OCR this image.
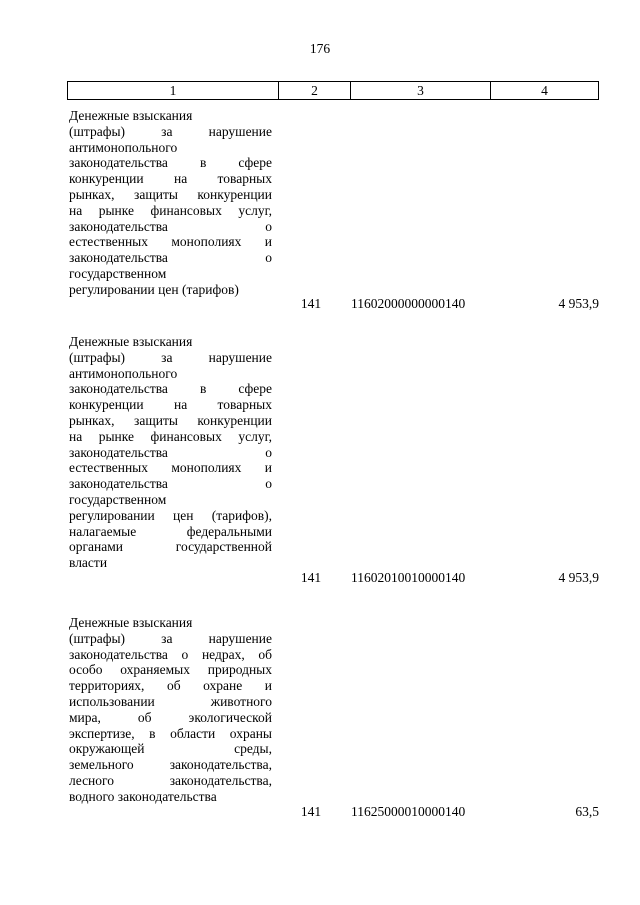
176
1	2	3	4
Денежные взыскания
(штрафы) за нарушение
антимонопольного
законодательства в сфере
конкуренции на товарных
рынках, защиты конкуренции
на рынке финансовых услуг,
законодательства о
естественных монополиях и
законодательства о
государственном
регулировании цен (тарифов)
141 11602000000000140	4 953,9
Денежные взыскания
(штрафы) за нарушение
антимонопольного
законодательства в сфере
конкуренции на товарных
рынках, защиты конкуренции
на рынке финансовых услуг,
законодательства о
естественных монополиях и
законодательства о
государственном
регулировании цен (тарифов),
налагаемые федеральными
органами государственной
власти
141 11602010010000140	4 953,9
Денежные взыскания
(штрафы) за нарушение
законодательства о недрах, об
особо охраняемых природных
территориях, об охране и
использовании животного
мира, об экологической
экспертизе, в области охраны
окружающей среды,
земельного законодательства,
лесного законодательства,
водного законодательства
141 11625000010000140	63,5
